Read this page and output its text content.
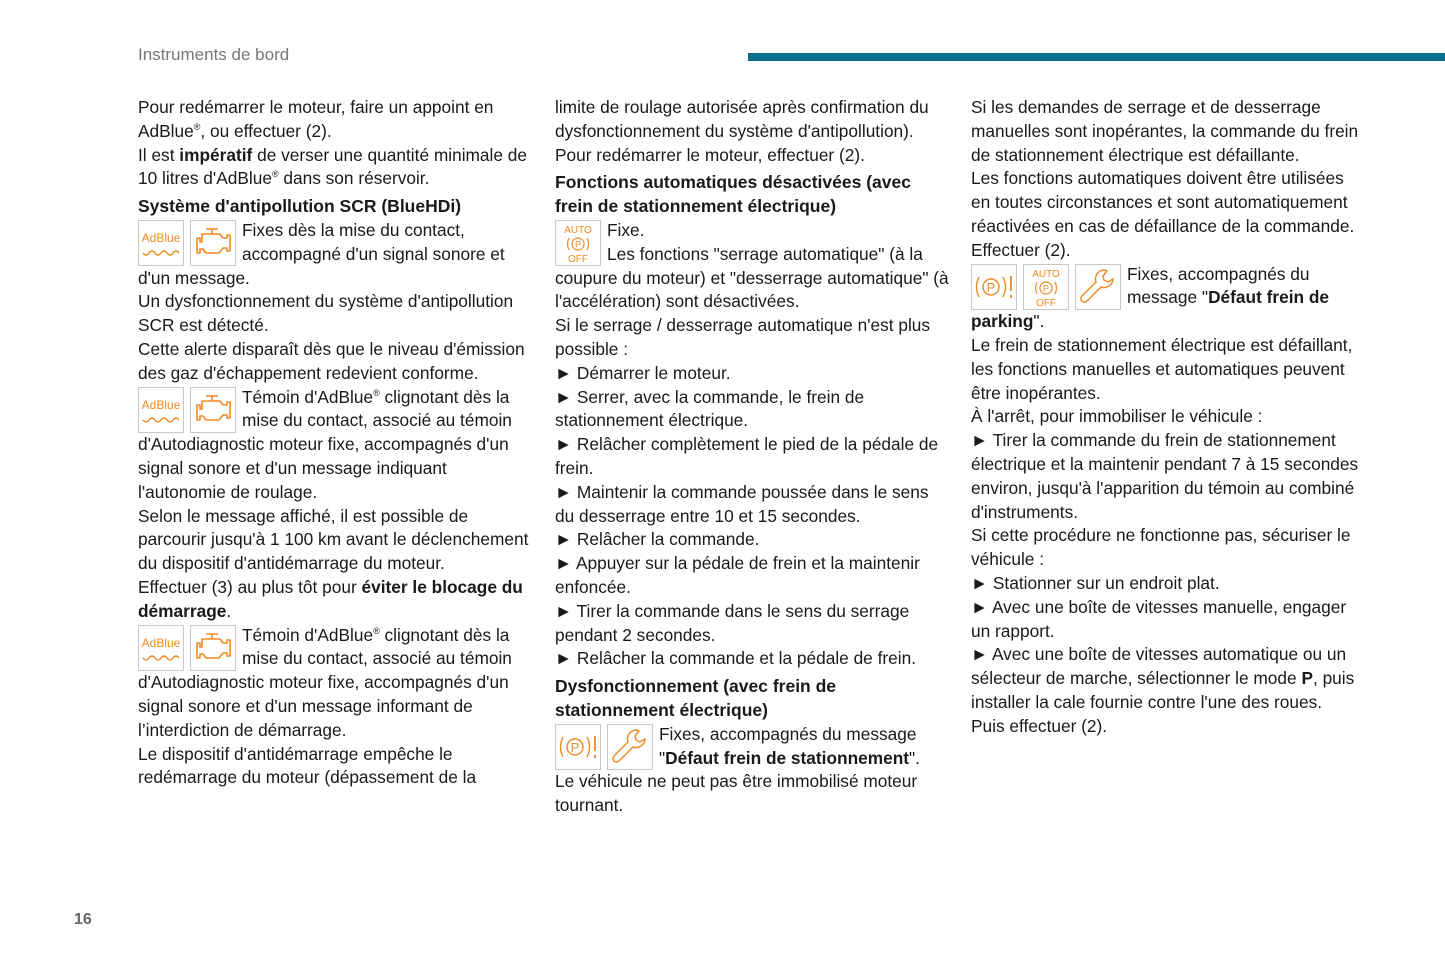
Instruments de bord

Pour redémarrer le moteur, faire un appoint en AdBlue®, ou effectuer (2).

Il est impératif de verser une quantité minimale de 10 litres d'AdBlue® dans son réservoir.

Système d'antipollution SCR (BlueHDi)
AdBlue	Fixes dès la mise du contact, accompagné d'un signal sonore et d'un message.

Un dysfonctionnement du système d'antipollution SCR est détecté.

Cette alerte disparaît dès que le niveau d'émission des gaz d'échappement redevient conforme.

AdBlue	Témoin d'AdBlue® clignotant dès la mise du contact, associé au témoin d'Autodiagnostic moteur fixe, accompagnés d'un signal sonore et d'un message indiquant l'autonomie de roulage.

Selon le message affiché, il est possible de parcourir jusqu'à 1 100 km avant le déclenchement du dispositif d'antidémarrage du moteur.

Effectuer (3) au plus tôt pour éviter le blocage du démarrage.

AdBlue	Témoin d'AdBlue® clignotant dès la mise du contact, associé au témoin d'Autodiagnostic moteur fixe, accompagnés d'un signal sonore et d'un message informant de l’interdiction de démarrage.

Le dispositif d'antidémarrage empêche le redémarrage du moteur (dépassement de la

limite de roulage autorisée après confirmation du dysfonctionnement du système d'antipollution).

Pour redémarrer le moteur, effectuer (2).

Fonctions automatiques désactivées (avec frein de stationnement électrique)
AUTO
P
OFF

Fixe.

Les fonctions "serrage automatique" (à la coupure du moteur) et "desserrage automatique" (à l'accélération) sont désactivées.

Si le serrage / desserrage automatique n'est plus possible :

► Démarrer le moteur.

► Serrer, avec la commande, le frein de stationnement électrique.

► Relâcher complètement le pied de la pédale de frein.

► Maintenir la commande poussée dans le sens du desserrage entre 10 et 15 secondes.

► Relâcher la commande.

► Appuyer sur la pédale de frein et la maintenir enfoncée.

► Tirer la commande dans le sens du serrage pendant 2 secondes.

► Relâcher la commande et la pédale de frein.

Dysfonctionnement (avec frein de stationnement électrique)
P

Fixes, accompagnés du message "Défaut frein de stationnement".

Le véhicule ne peut pas être immobilisé moteur tournant.

Si les demandes de serrage et de desserrage manuelles sont inopérantes, la commande du frein de stationnement électrique est défaillante.

Les fonctions automatiques doivent être utilisées en toutes circonstances et sont automatiquement réactivées en cas de défaillance de la commande.

Effectuer (2).

P
AUTO
P
OFF

Fixes, accompagnés du message "Défaut frein de parking".

Le frein de stationnement électrique est défaillant, les fonctions manuelles et automatiques peuvent être inopérantes.

À l'arrêt, pour immobiliser le véhicule :

► Tirer la commande du frein de stationnement électrique et la maintenir pendant 7 à 15 secondes environ, jusqu'à l'apparition du témoin au combiné d'instruments.

Si cette procédure ne fonctionne pas, sécuriser le véhicule :

► Stationner sur un endroit plat.

► Avec une boîte de vitesses manuelle, engager un rapport.

► Avec une boîte de vitesses automatique ou un sélecteur de marche, sélectionner le mode P, puis installer la cale fournie contre l'une des roues.

Puis effectuer (2).

16
